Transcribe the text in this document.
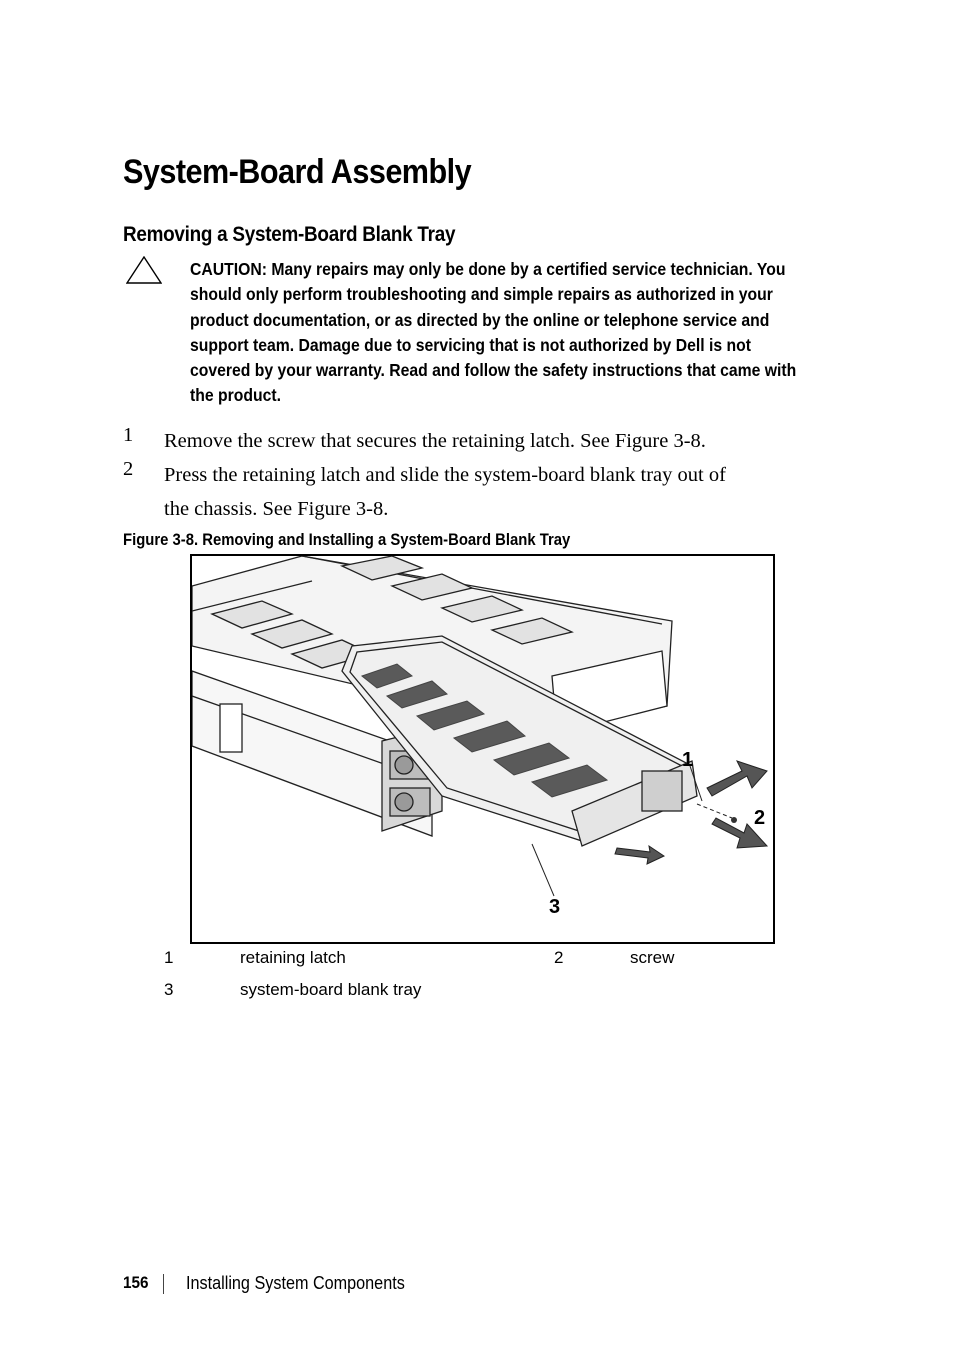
System-Board Assembly
Removing a System-Board Blank Tray
CAUTION: Many repairs may only be done by a certified service technician. You
should only perform troubleshooting and simple repairs as authorized in your
product documentation, or as directed by the online or telephone service and
support team. Damage due to servicing that is not authorized by Dell is not
covered by your warranty. Read and follow the safety instructions that came with
the product.
1 Remove the screw that secures the retaining latch. See Figure 3-8.
2 Press the retaining latch and slide the system-board blank tray out of
the chassis. See Figure 3-8.
Figure 3-8. Removing and Installing a System-Board Blank Tray
1
2
3
1	retaining latch	2	screw
3	system-board blank tray
156 Installing System Components
